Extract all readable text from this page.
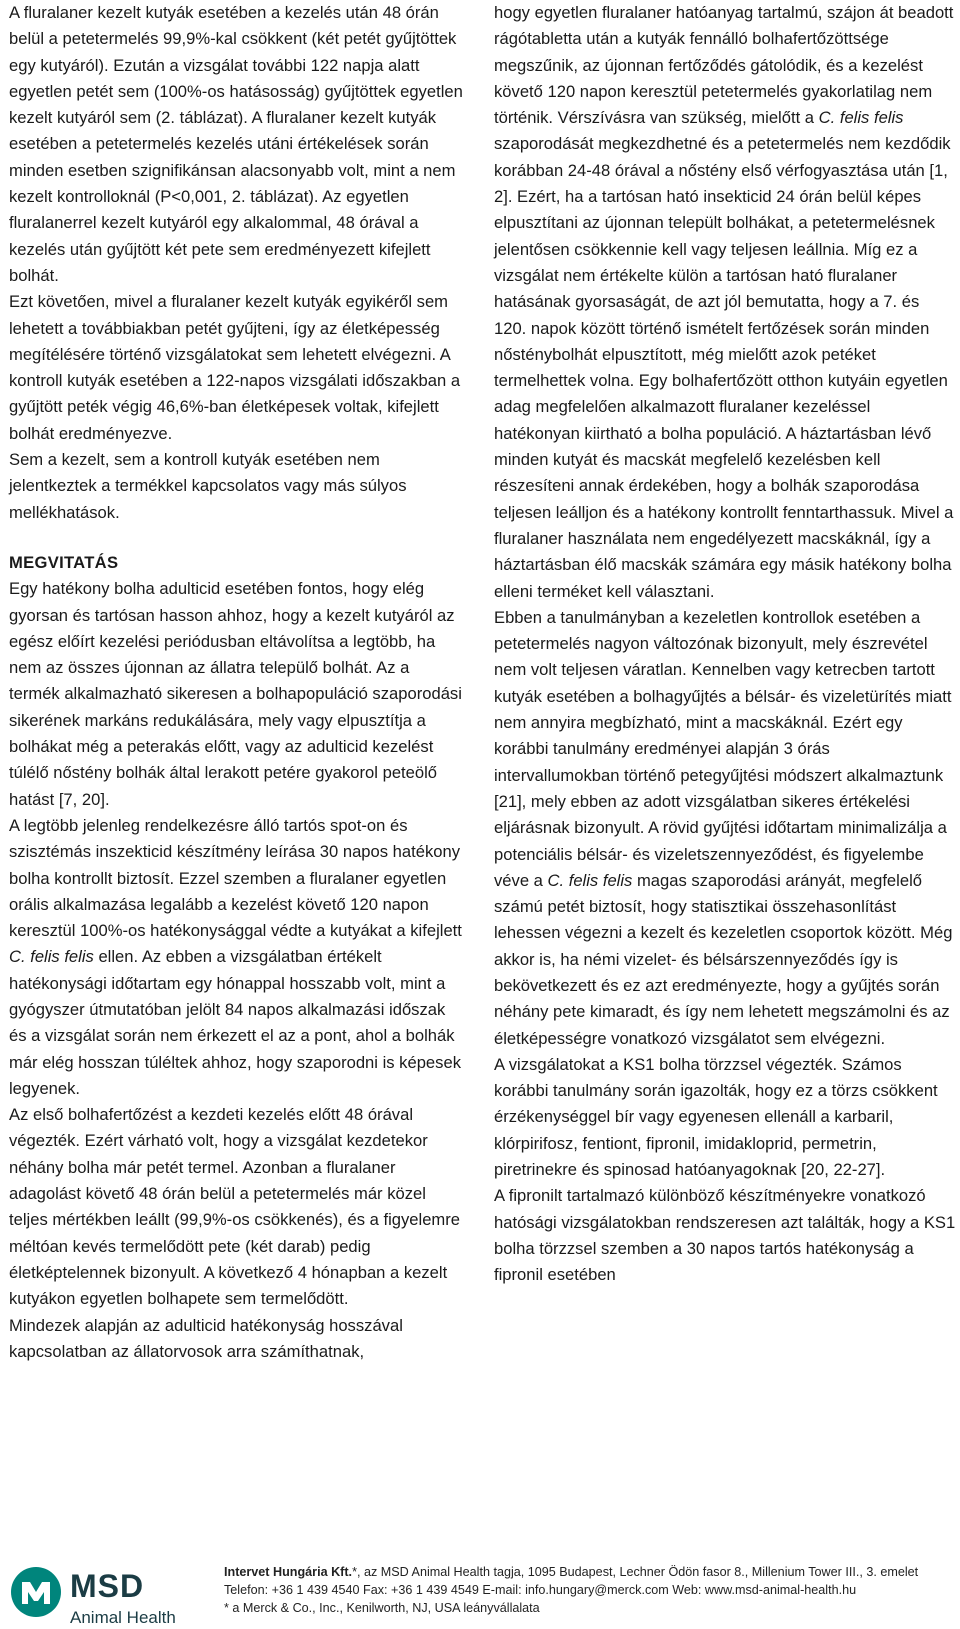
A fluralaner kezelt kutyák esetében a kezelés után 48 órán belül a petetermelés 99,9%-kal csökkent (két petét gyűjtöttek egy kutyáról). Ezután a vizsgálat további 122 napja alatt egyetlen petét sem (100%-os hatásosság) gyűjtöttek egyetlen kezelt kutyáról sem (2. táblázat). A fluralaner kezelt kutyák esetében a petetermelés kezelés utáni értékelések során minden esetben szignifikánsan alacsonyabb volt, mint a nem kezelt kontrolloknál (P<0,001, 2. táblázat). Az egyetlen fluralanerrel kezelt kutyáról egy alkalommal, 48 órával a kezelés után gyűjtött két pete sem eredményezett kifejlett bolhát.

Ezt követően, mivel a fluralaner kezelt kutyák egyikéről sem lehetett a továbbiakban petét gyűjteni, így az életképesség megítélésére történő vizsgálatokat sem lehetett elvégezni. A kontroll kutyák esetében a 122-napos vizsgálati időszakban a gyűjtött peték végig 46,6%-ban életképesek voltak, kifejlett bolhát eredményezve.

Sem a kezelt, sem a kontroll kutyák esetében nem jelentkeztek a termékkel kapcsolatos vagy más súlyos mellékhatások.

MEGVITATÁS

Egy hatékony bolha adulticid esetében fontos, hogy elég gyorsan és tartósan hasson ahhoz, hogy a kezelt kutyáról az egész előírt kezelési periódusban eltávolítsa a legtöbb, ha nem az összes újonnan az állatra települő bolhát. Az a termék alkalmazható sikeresen a bolhapopuláció szaporodási sikerének markáns redukálására, mely vagy elpusztítja a bolhákat még a peterakás előtt, vagy az adulticid kezelést túlélő nőstény bolhák által lerakott petére gyakorol peteölő hatást [7, 20].

A legtöbb jelenleg rendelkezésre álló tartós spot-on és szisztémás inszekticid készítmény leírása 30 napos hatékony bolha kontrollt biztosít. Ezzel szemben a fluralaner egyetlen orális alkalmazása legalább a kezelést követő 120 napon keresztül 100%-os hatékonysággal védte a kutyákat a kifejlett C. felis felis ellen. Az ebben a vizsgálatban értékelt hatékonysági időtartam egy hónappal hosszabb volt, mint a gyógyszer útmutatóban jelölt 84 napos alkalmazási időszak és a vizsgálat során nem érkezett el az a pont, ahol a bolhák már elég hosszan túléltek ahhoz, hogy szaporodni is képesek legyenek.

Az első bolhafertőzést a kezdeti kezelés előtt 48 órával végezték. Ezért várható volt, hogy a vizsgálat kezdetekor néhány bolha már petét termel. Azonban a fluralaner adagolást követő 48 órán belül a petetermelés már közel teljes mértékben leállt (99,9%-os csökkenés), és a figyelemre méltóan kevés termelődött pete (két darab) pedig életképtelennek bizonyult. A következő 4 hónapban a kezelt kutyákon egyetlen bolhapete sem termelődött.

Mindezek alapján az adulticid hatékonyság hosszával kapcsolatban az állatorvosok arra számíthatnak,

hogy egyetlen fluralaner hatóanyag tartalmú, szájon át beadott rágótabletta után a kutyák fennálló bolhafertőzöttsége megszűnik, az újonnan fertőződés gátolódik, és a kezelést követő 120 napon keresztül petetermelés gyakorlatilag nem történik. Vérszívásra van szükség, mielőtt a C. felis felis szaporodását megkezdhetné és a petetermelés nem kezdődik korábban 24-48 órával a nőstény első vérfogyasztása után [1, 2]. Ezért, ha a tartósan ható insekticid 24 órán belül képes elpusztítani az újonnan települt bolhákat, a petetermelésnek jelentősen csökkennie kell vagy teljesen leállnia. Míg ez a vizsgálat nem értékelte külön a tartósan ható fluralaner hatásának gyorsaságát, de azt jól bemutatta, hogy a 7. és 120. napok között történő ismételt fertőzések során minden nősténybolhát elpusztított, még mielőtt azok petéket termelhettek volna. Egy bolhafertőzött otthon kutyáin egyetlen adag megfelelően alkalmazott fluralaner kezeléssel hatékonyan kiirtható a bolha populáció. A háztartásban lévő minden kutyát és macskát megfelelő kezelésben kell részesíteni annak érdekében, hogy a bolhák szaporodása teljesen leálljon és a hatékony kontrollt fenntarthassuk. Mivel a fluralaner használata nem engedélyezett macskáknál, így a háztartásban élő macskák számára egy másik hatékony bolha elleni terméket kell választani.

Ebben a tanulmányban a kezeletlen kontrollok esetében a petetermelés nagyon változónak bizonyult, mely észrevétel nem volt teljesen váratlan. Kennelben vagy ketrecben tartott kutyák esetében a bolhagyűjtés a bélsár- és vizeletürítés miatt nem annyira megbízható, mint a macskáknál. Ezért egy korábbi tanulmány eredményei alapján 3 órás intervallumokban történő petegyűjtési módszert alkalmaztunk [21], mely ebben az adott vizsgálatban sikeres értékelési eljárásnak bizonyult. A rövid gyűjtési időtartam minimalizálja a potenciális bélsár- és vizeletszennyeződést, és figyelembe véve a C. felis felis magas szaporodási arányát, megfelelő számú petét biztosít, hogy statisztikai összehasonlítást lehessen végezni a kezelt és kezeletlen csoportok között. Még akkor is, ha némi vizelet- és bélsárszennyeződés így is bekövetkezett és ez azt eredményezte, hogy a gyűjtés során néhány pete kimaradt, és így nem lehetett megszámolni és az életképességre vonatkozó vizsgálatot sem elvégezni.

A vizsgálatokat a KS1 bolha törzzsel végezték. Számos korábbi tanulmány során igazolták, hogy ez a törzs csökkent érzékenységgel bír vagy egyenesen ellenáll a karbaril, klórpirifosz, fentiont, fipronil, imidakloprid, permetrin, piretrinekre és spinosad hatóanyagoknak [20, 22-27].

A fipronilt tartalmazó különböző készítményekre vonatkozó hatósági vizsgálatokban rendszeresen azt találták, hogy a KS1 bolha törzzsel szemben a 30 napos tartós hatékonyság a fipronil esetében

MSD
Animal Health
Intervet Hungária Kft.*, az MSD Animal Health tagja, 1095 Budapest, Lechner Ödön fasor 8., Millenium Tower III., 3. emelet
Telefon: +36 1 439 4540 Fax: +36 1 439 4549 E-mail: info.hungary@merck.com Web: www.msd-animal-health.hu
* a Merck & Co., Inc., Kenilworth, NJ, USA leányvállalata
